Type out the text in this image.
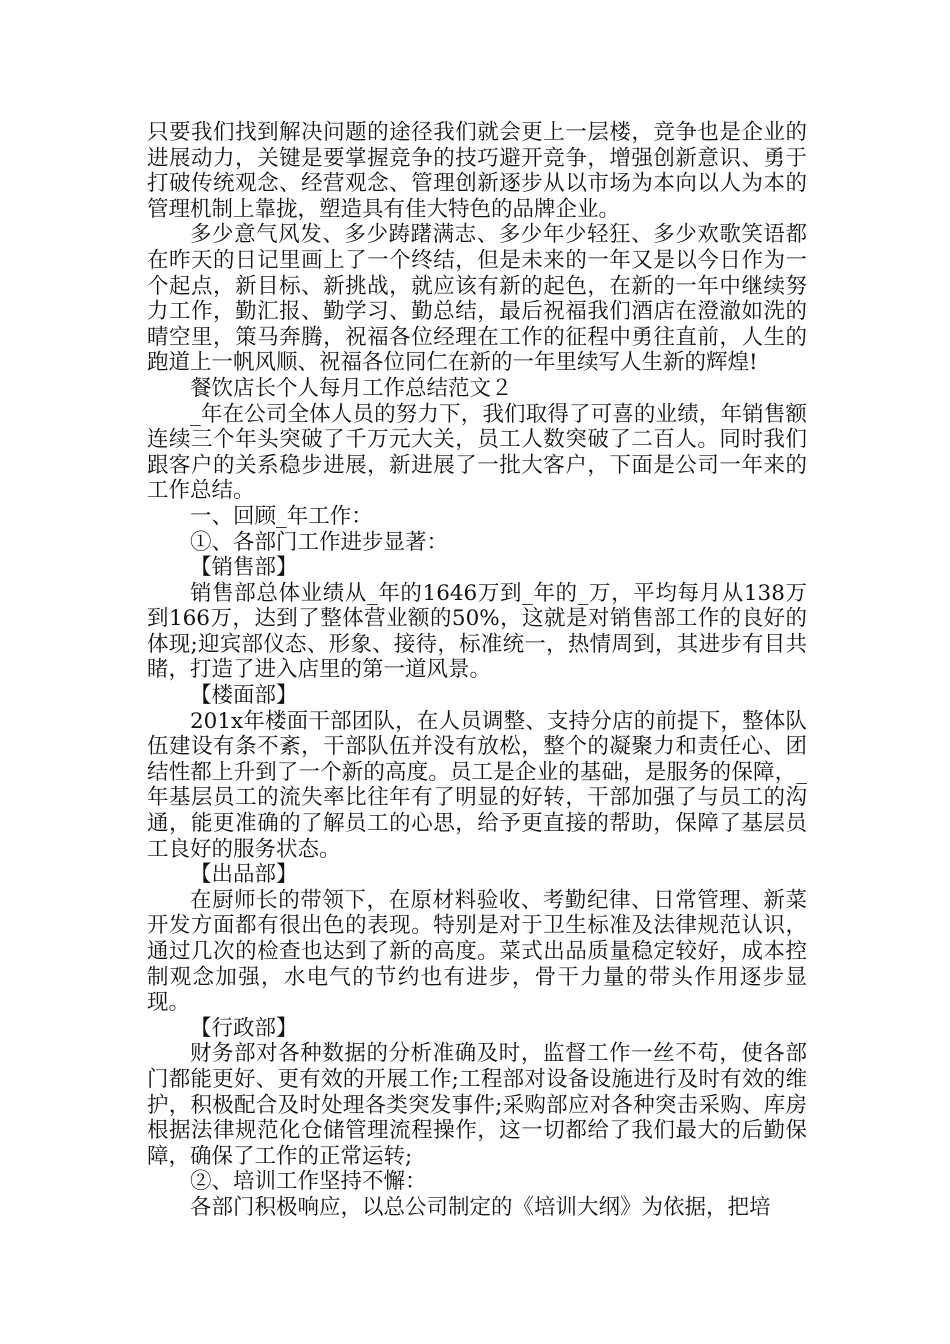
只要我们找到解决问题的途径我们就会更上一层楼，竞争也是企业的进展动力，关键是要掌握竞争的技巧避开竞争，增强创新意识、勇于打破传统观念、经营观念、管理创新逐步从以市场为本向以人为本的管理机制上靠拢，塑造具有佳大特色的品牌企业。

多少意气风发、多少踌躇满志、多少年少轻狂、多少欢歌笑语都在昨天的日记里画上了一个终结，但是未来的一年又是以今日作为一个起点，新目标、新挑战，就应该有新的起色，在新的一年中继续努力工作，勤汇报、勤学习、勤总结，最后祝福我们酒店在澄澈如洗的晴空里，策马奔腾，祝福各位经理在工作的征程中勇往直前，人生的跑道上一帆风顺、祝福各位同仁在新的一年里续写人生新的辉煌!

餐饮店长个人每月工作总结范文２

_年在公司全体人员的努力下，我们取得了可喜的业绩，年销售额连续三个年头突破了千万元大关，员工人数突破了二百人。同时我们跟客户的关系稳步进展，新进展了一批大客户，下面是公司一年来的工作总结。

一、回顾_年工作：

①、各部门工作进步显著：

【销售部】

销售部总体业绩从_年的1646万到_年的_万，平均每月从138万到166万，达到了整体营业额的50%，这就是对销售部工作的良好的体现;迎宾部仪态、形象、接待，标准统一，热情周到，其进步有目共睹，打造了进入店里的第一道风景。

【楼面部】

201x年楼面干部团队，在人员调整、支持分店的前提下，整体队伍建设有条不紊，干部队伍并没有放松，整个的凝聚力和责任心、团结性都上升到了一个新的高度。员工是企业的基础，是服务的保障，_年基层员工的流失率比往年有了明显的好转，干部加强了与员工的沟通，能更准确的了解员工的心思，给予更直接的帮助，保障了基层员工良好的服务状态。

【出品部】

在厨师长的带领下，在原材料验收、考勤纪律、日常管理、新菜开发方面都有很出色的表现。特别是对于卫生标准及法律规范认识，通过几次的检查也达到了新的高度。菜式出品质量稳定较好，成本控制观念加强，水电气的节约也有进步，骨干力量的带头作用逐步显现。

【行政部】

财务部对各种数据的分析准确及时，监督工作一丝不苟，使各部门都能更好、更有效的开展工作;工程部对设备设施进行及时有效的维护，积极配合及时处理各类突发事件;采购部应对各种突击采购、库房根据法律规范化仓储管理流程操作，这一切都给了我们最大的后勤保障，确保了工作的正常运转;

②、培训工作坚持不懈：

各部门积极响应，以总公司制定的《培训大纲》为依据，把培
